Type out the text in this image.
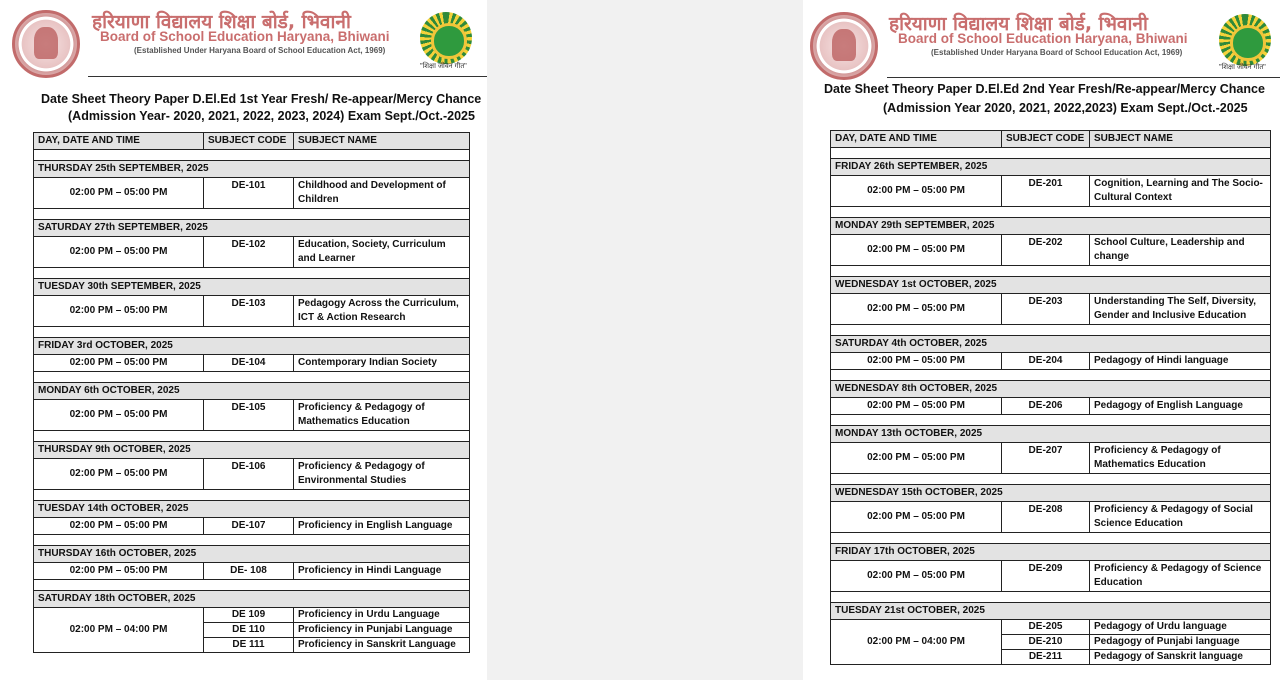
हरियाणा विद्यालय शिक्षा बोर्ड, भिवानी
Board of School Education Haryana, Bhiwani
(Established Under Haryana Board of School Education Act, 1969)
"शिक्षा जीवन गीत"
Date Sheet Theory Paper D.El.Ed 1st Year Fresh/ Re-appear/Mercy Chance
(Admission Year- 2020, 2021, 2022, 2023, 2024) Exam Sept./Oct.-2025
DAY, DATE AND TIME	SUBJECT CODE	SUBJECT NAME

THURSDAY 25th SEPTEMBER, 2025		
02:00 PM – 05:00 PM	DE-101	Childhood and Development of Children

SATURDAY 27th SEPTEMBER, 2025		
02:00 PM – 05:00 PM	DE-102	Education, Society, Curriculum and Learner

TUESDAY 30th SEPTEMBER, 2025		
02:00 PM – 05:00 PM	DE-103	Pedagogy Across the Curriculum, ICT & Action Research

FRIDAY 3rd OCTOBER, 2025		
02:00 PM – 05:00 PM	DE-104	Contemporary Indian Society

MONDAY 6th OCTOBER, 2025		
02:00 PM – 05:00 PM	DE-105	Proficiency & Pedagogy of Mathematics Education

THURSDAY 9th OCTOBER, 2025		
02:00 PM – 05:00 PM	DE-106	Proficiency & Pedagogy of Environmental Studies

TUESDAY 14th OCTOBER, 2025		
02:00 PM – 05:00 PM	DE-107	Proficiency in English Language

THURSDAY 16th OCTOBER, 2025		
02:00 PM – 05:00 PM	DE- 108	Proficiency in Hindi Language

SATURDAY 18th OCTOBER, 2025		
02:00 PM – 04:00 PM	DE 109	Proficiency in Urdu Language
	DE 110	Proficiency in Punjabi Language
	DE 111	Proficiency in Sanskrit Language
हरियाणा विद्यालय शिक्षा बोर्ड, भिवानी
Board of School Education Haryana, Bhiwani
(Established Under Haryana Board of School Education Act, 1969)
"शिक्षा जीवन गीत"
Date Sheet Theory Paper D.El.Ed 2nd Year Fresh/Re-appear/Mercy Chance
(Admission Year 2020, 2021, 2022,2023) Exam Sept./Oct.-2025
DAY, DATE AND TIME	SUBJECT CODE	SUBJECT NAME

FRIDAY 26th SEPTEMBER, 2025		
02:00 PM – 05:00 PM	DE-201	Cognition, Learning and The Socio-Cultural Context

MONDAY 29th SEPTEMBER, 2025		
02:00 PM – 05:00 PM	DE-202	School Culture, Leadership and change

WEDNESDAY 1st OCTOBER, 2025		
02:00 PM – 05:00 PM	DE-203	Understanding The Self, Diversity, Gender and Inclusive Education

SATURDAY 4th OCTOBER, 2025		
02:00 PM – 05:00 PM	DE-204	Pedagogy of Hindi language

WEDNESDAY 8th OCTOBER, 2025		
02:00 PM – 05:00 PM	DE-206	Pedagogy of English Language

MONDAY 13th OCTOBER, 2025		
02:00 PM – 05:00 PM	DE-207	Proficiency & Pedagogy of Mathematics Education

WEDNESDAY 15th OCTOBER, 2025		
02:00 PM – 05:00 PM	DE-208	Proficiency & Pedagogy of Social Science Education

FRIDAY 17th OCTOBER, 2025		
02:00 PM – 05:00 PM	DE-209	Proficiency & Pedagogy of Science Education

TUESDAY 21st OCTOBER, 2025		
02:00 PM – 04:00 PM	DE-205	Pedagogy of Urdu language
	DE-210	Pedagogy of Punjabi language
	DE-211	Pedagogy of Sanskrit language
